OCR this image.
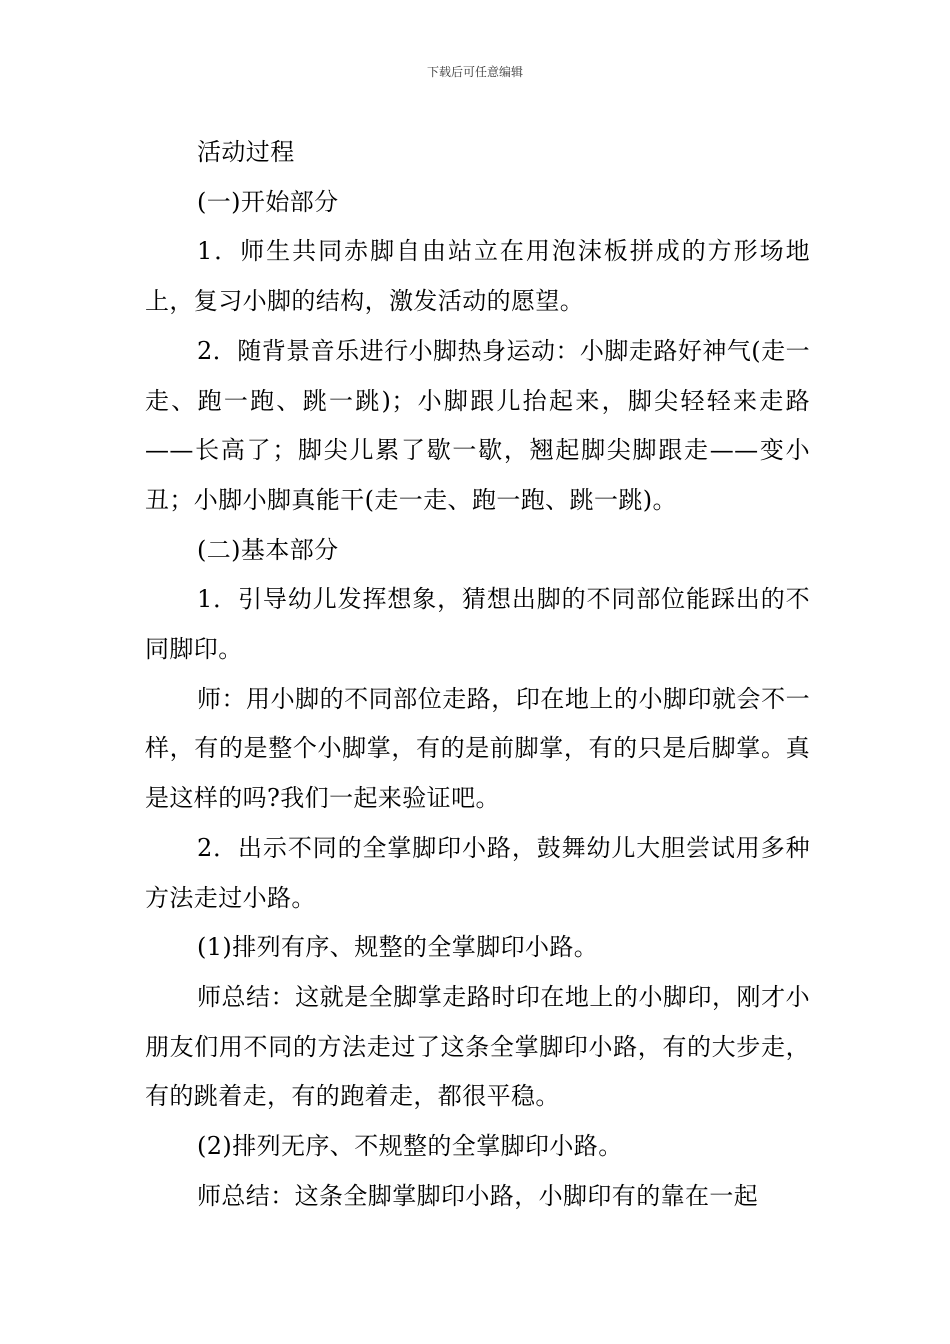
下载后可任意编辑

活动过程

(一)开始部分

1．师生共同赤脚自由站立在用泡沫板拼成的方形场地上，复习小脚的结构，激发活动的愿望。

2．随背景音乐进行小脚热身运动：小脚走路好神气(走一走、跑一跑、跳一跳)；小脚跟儿抬起来，脚尖轻轻来走路——长高了；脚尖儿累了歇一歇，翘起脚尖脚跟走——变小丑；小脚小脚真能干(走一走、跑一跑、跳一跳)。

(二)基本部分

1．引导幼儿发挥想象，猜想出脚的不同部位能踩出的不同脚印。

师：用小脚的不同部位走路，印在地上的小脚印就会不一样，有的是整个小脚掌，有的是前脚掌，有的只是后脚掌。真是这样的吗?我们一起来验证吧。

2．出示不同的全掌脚印小路，鼓舞幼儿大胆尝试用多种方法走过小路。

(1)排列有序、规整的全掌脚印小路。

师总结：这就是全脚掌走路时印在地上的小脚印，刚才小朋友们用不同的方法走过了这条全掌脚印小路，有的大步走，有的跳着走，有的跑着走，都很平稳。

(2)排列无序、不规整的全掌脚印小路。

师总结：这条全脚掌脚印小路，小脚印有的靠在一起
